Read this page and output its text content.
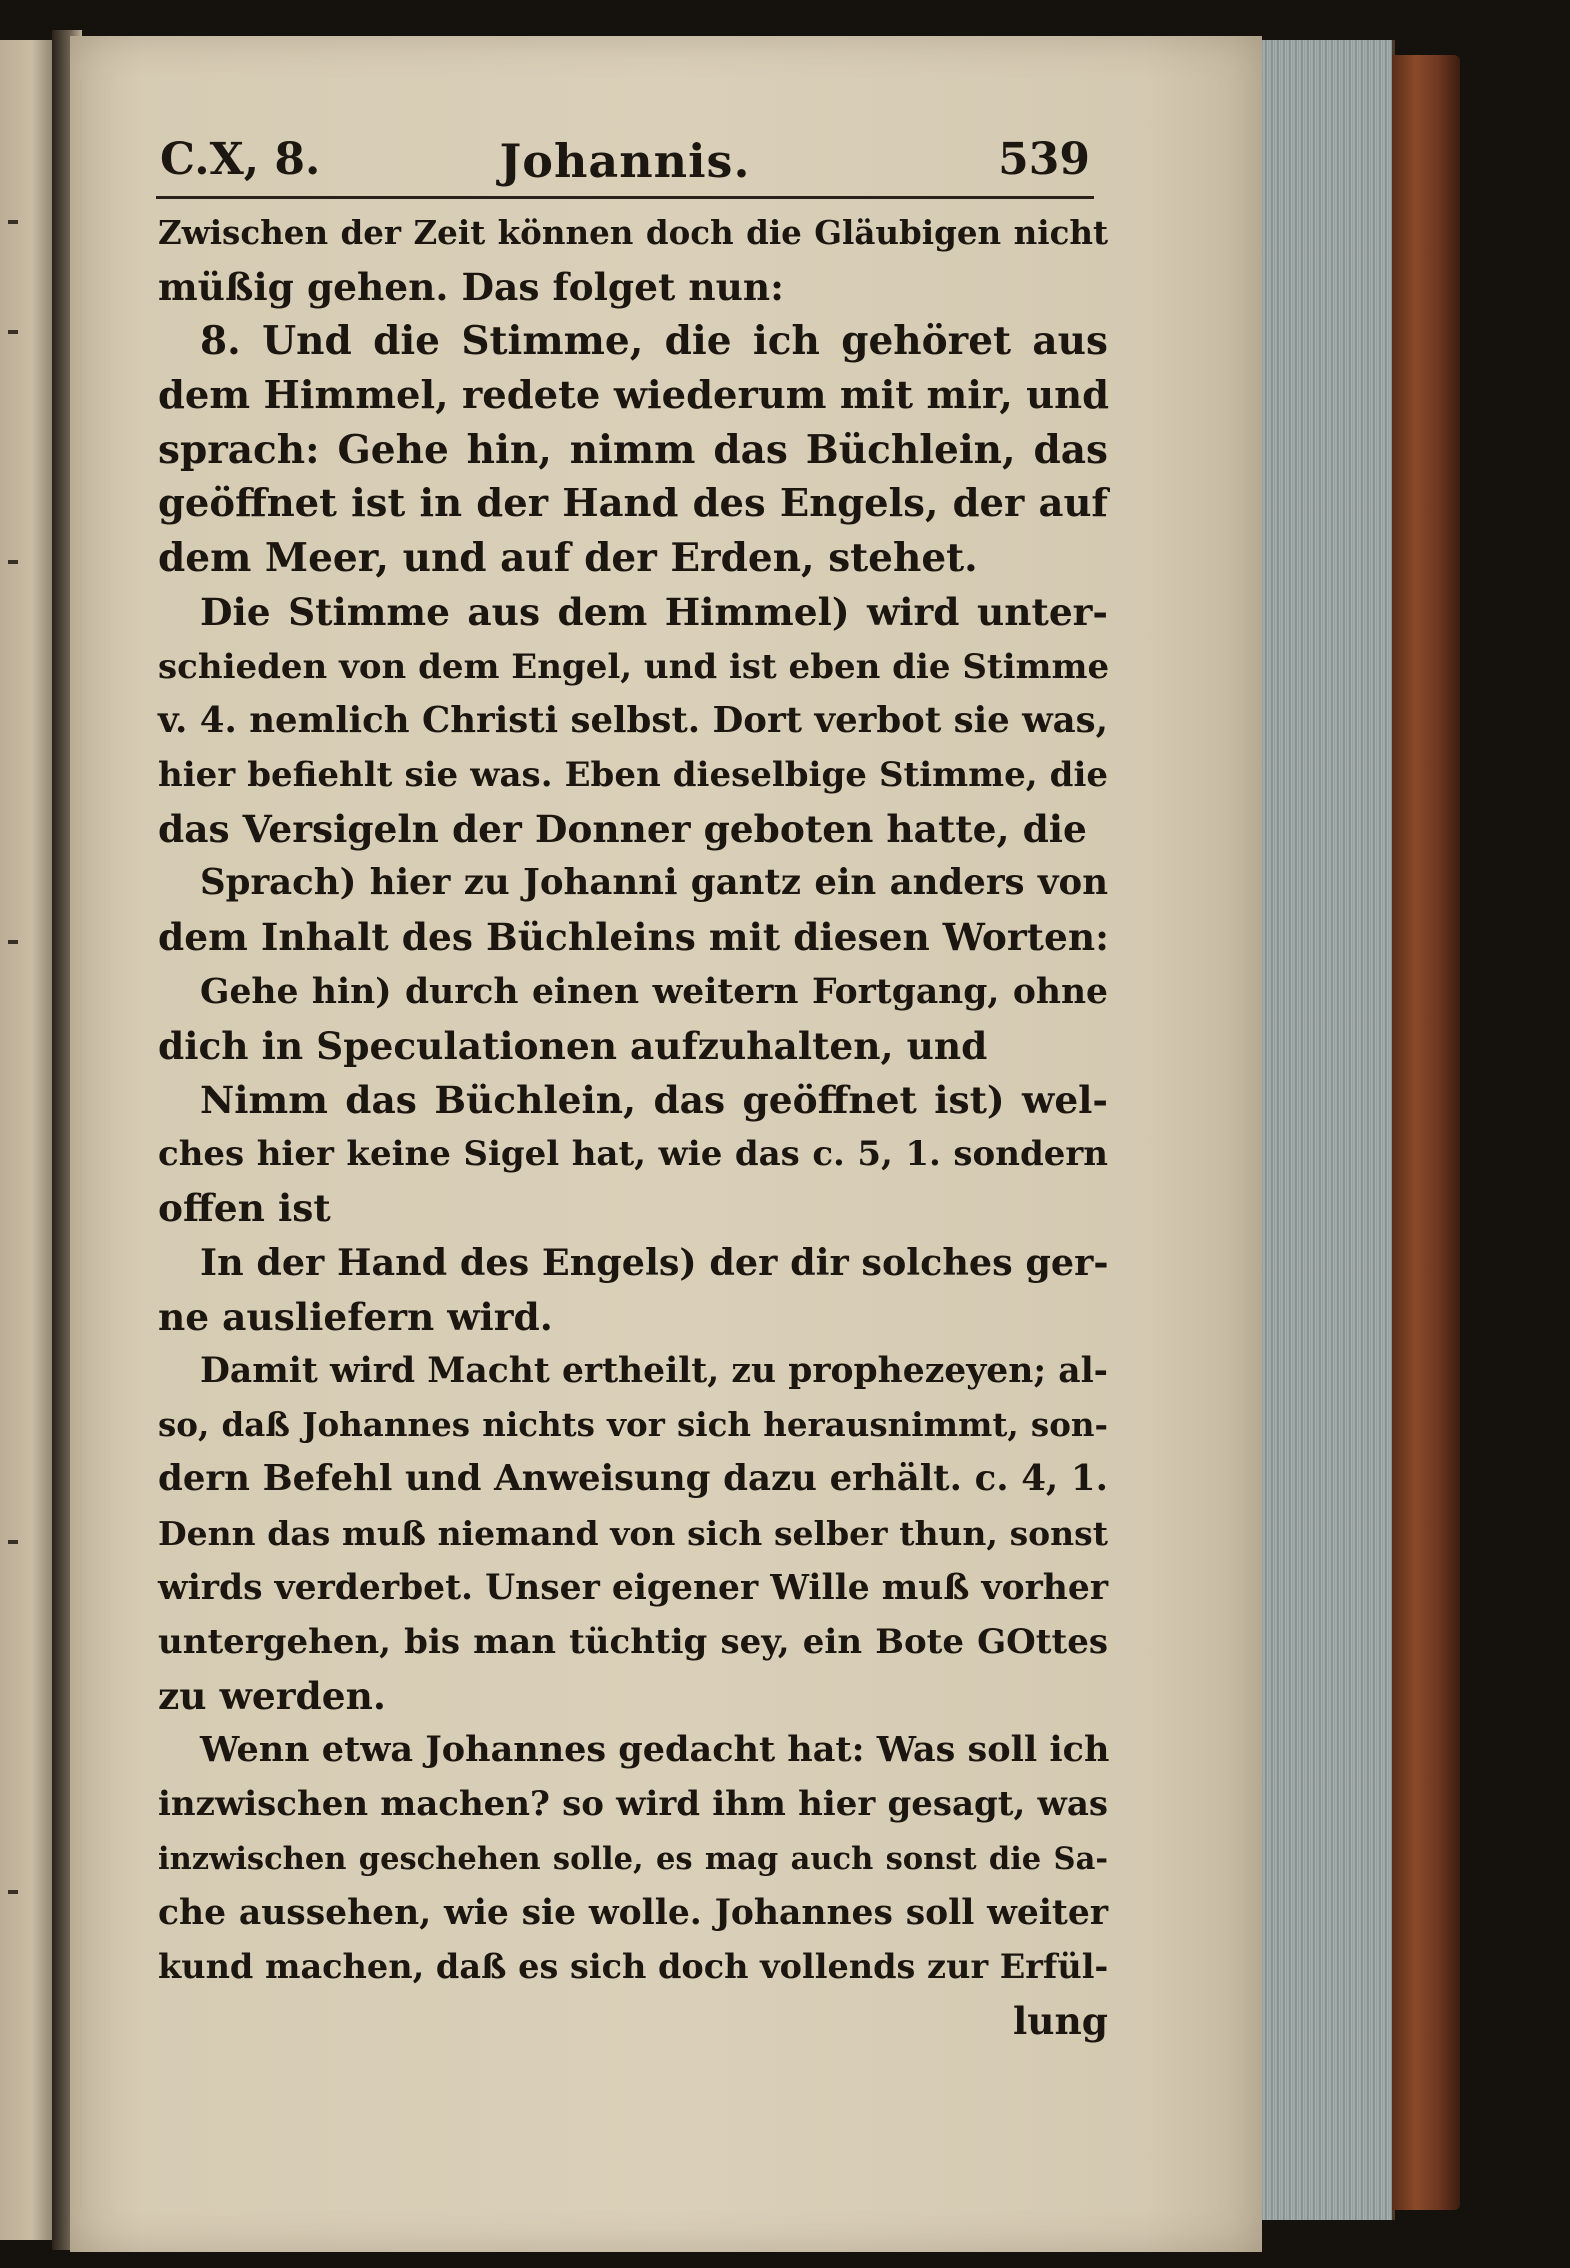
C.X, 8.	Johannis.	539
Zwischen der Zeit können doch die Gläubigen nicht
müßig gehen. Das folget nun:
8. Und die Stimme, die ich gehöret aus
dem Himmel, redete wiederum mit mir, und
sprach: Gehe hin, nimm das Büchlein, das
geöffnet ist in der Hand des Engels, der auf
dem Meer, und auf der Erden, stehet.
Die Stimme aus dem Himmel) wird unter-
schieden von dem Engel, und ist eben die Stimme
v. 4. nemlich Christi selbst. Dort verbot sie was,
hier befiehlt sie was. Eben dieselbige Stimme, die
das Versigeln der Donner geboten hatte, die
Sprach) hier zu Johanni gantz ein anders von
dem Inhalt des Büchleins mit diesen Worten:
Gehe hin) durch einen weitern Fortgang, ohne
dich in Speculationen aufzuhalten, und
Nimm das Büchlein, das geöffnet ist) wel-
ches hier keine Sigel hat, wie das c. 5, 1. sondern
offen ist
In der Hand des Engels) der dir solches ger-
ne ausliefern wird.
Damit wird Macht ertheilt, zu prophezeyen; al-
so, daß Johannes nichts vor sich herausnimmt, son-
dern Befehl und Anweisung dazu erhält. c. 4, 1.
Denn das muß niemand von sich selber thun, sonst
wirds verderbet. Unser eigener Wille muß vorher
untergehen, bis man tüchtig sey, ein Bote GOttes
zu werden.
Wenn etwa Johannes gedacht hat: Was soll ich
inzwischen machen? so wird ihm hier gesagt, was
inzwischen geschehen solle, es mag auch sonst die Sa-
che aussehen, wie sie wolle. Johannes soll weiter
kund machen, daß es sich doch vollends zur Erfül-
lung
